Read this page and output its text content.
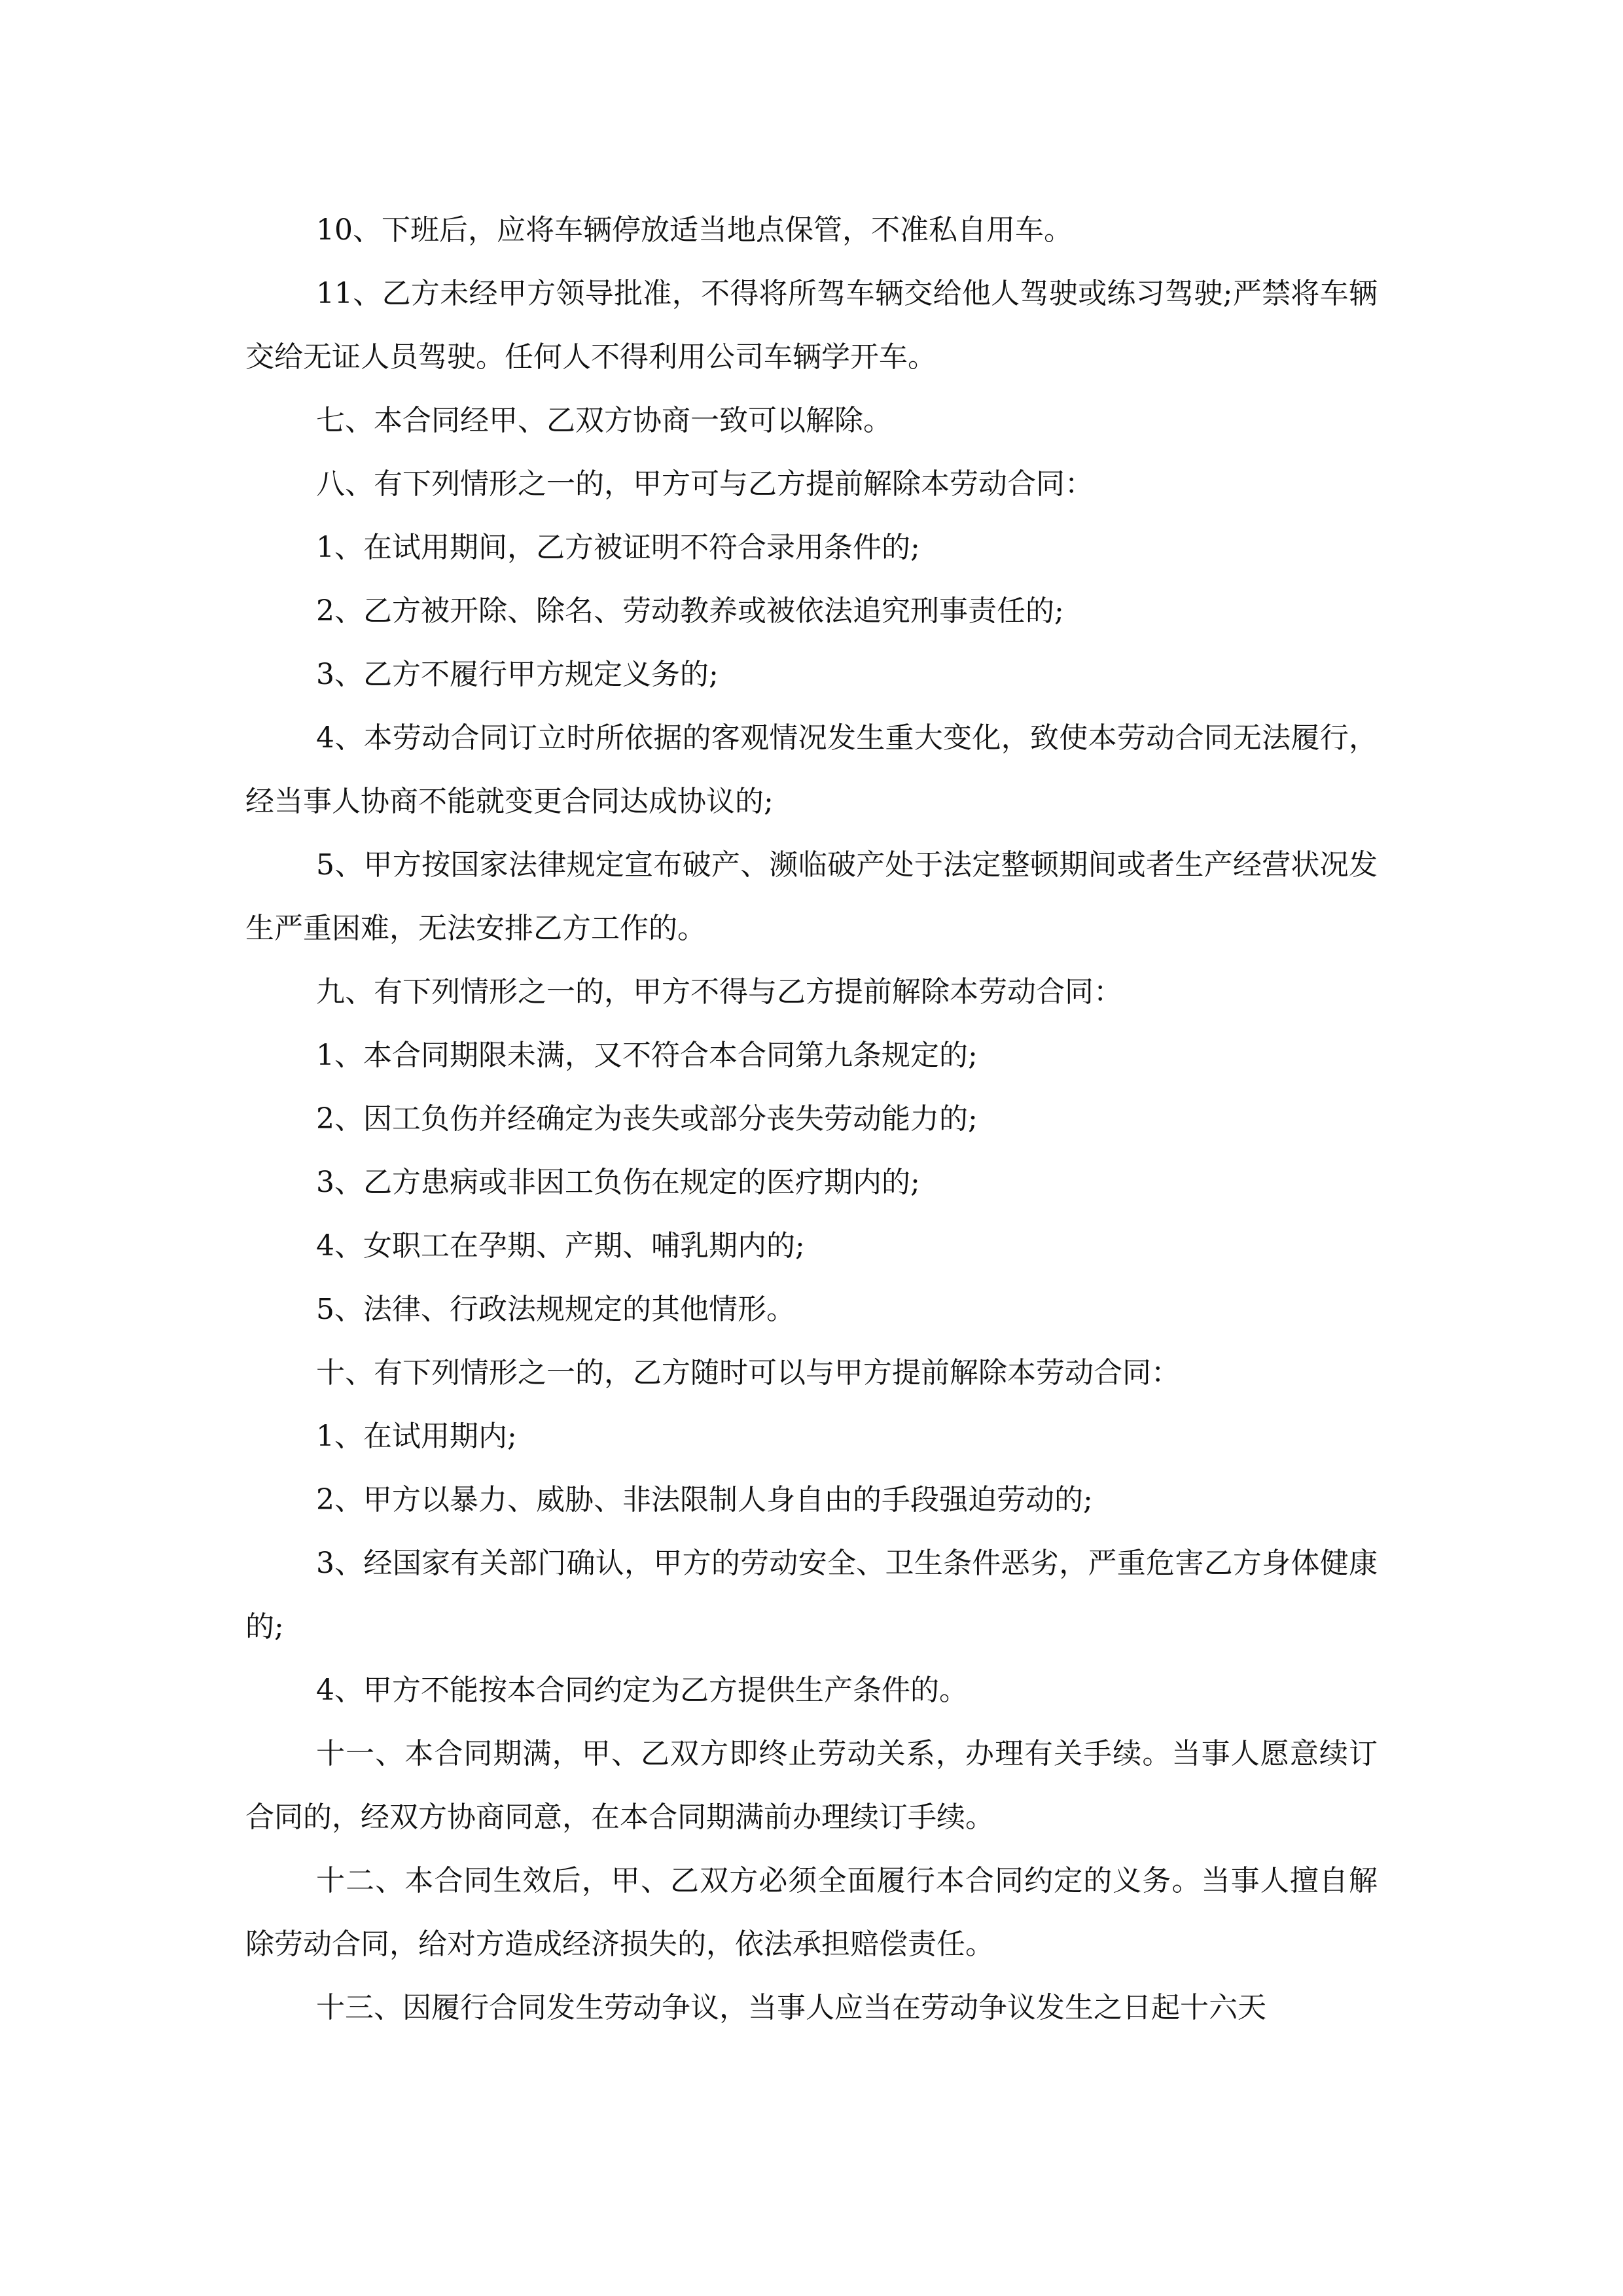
10、下班后，应将车辆停放适当地点保管，不准私自用车。

11、乙方未经甲方领导批准，不得将所驾车辆交给他人驾驶或练习驾驶;严禁将车辆交给无证人员驾驶。任何人不得利用公司车辆学开车。

七、本合同经甲、乙双方协商一致可以解除。

八、有下列情形之一的，甲方可与乙方提前解除本劳动合同：

1、在试用期间，乙方被证明不符合录用条件的;

2、乙方被开除、除名、劳动教养或被依法追究刑事责任的;

3、乙方不履行甲方规定义务的;

4、本劳动合同订立时所依据的客观情况发生重大变化，致使本劳动合同无法履行，经当事人协商不能就变更合同达成协议的;

5、甲方按国家法律规定宣布破产、濒临破产处于法定整顿期间或者生产经营状况发生严重困难，无法安排乙方工作的。

九、有下列情形之一的，甲方不得与乙方提前解除本劳动合同：

1、本合同期限未满，又不符合本合同第九条规定的;

2、因工负伤并经确定为丧失或部分丧失劳动能力的;

3、乙方患病或非因工负伤在规定的医疗期内的;

4、女职工在孕期、产期、哺乳期内的;

5、法律、行政法规规定的其他情形。

十、有下列情形之一的，乙方随时可以与甲方提前解除本劳动合同：

1、在试用期内;

2、甲方以暴力、威胁、非法限制人身自由的手段强迫劳动的;

3、经国家有关部门确认，甲方的劳动安全、卫生条件恶劣，严重危害乙方身体健康的;

4、甲方不能按本合同约定为乙方提供生产条件的。

十一、本合同期满，甲、乙双方即终止劳动关系，办理有关手续。当事人愿意续订合同的，经双方协商同意，在本合同期满前办理续订手续。

十二、本合同生效后，甲、乙双方必须全面履行本合同约定的义务。当事人擅自解除劳动合同，给对方造成经济损失的，依法承担赔偿责任。

十三、因履行合同发生劳动争议，当事人应当在劳动争议发生之日起十六天
